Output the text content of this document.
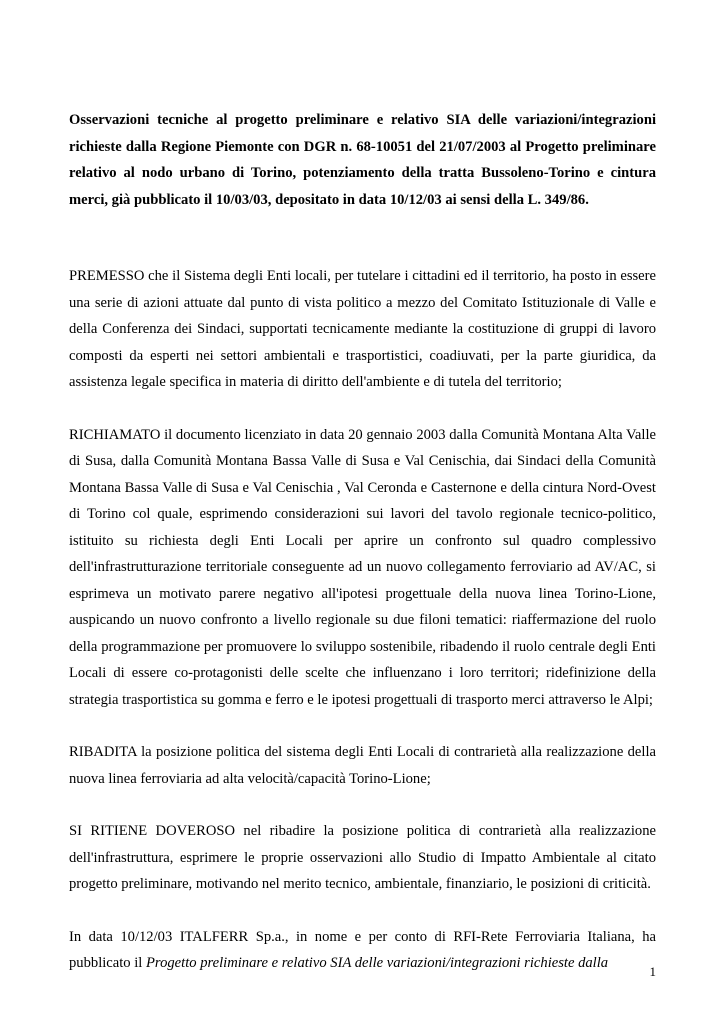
Osservazioni tecniche al progetto preliminare e relativo SIA delle variazioni/integrazioni richieste dalla Regione Piemonte con DGR n. 68-10051 del 21/07/2003 al Progetto preliminare relativo al nodo urbano di Torino, potenziamento della tratta Bussoleno-Torino e cintura merci, già pubblicato il 10/03/03, depositato in data 10/12/03 ai sensi della L. 349/86.

PREMESSO che il Sistema degli Enti locali, per tutelare i cittadini ed il territorio, ha posto in essere una serie di azioni attuate dal punto di vista politico a mezzo del Comitato Istituzionale di Valle e della Conferenza dei Sindaci, supportati tecnicamente mediante la costituzione di gruppi di lavoro composti da esperti nei settori ambientali e trasportistici, coadiuvati, per la parte giuridica, da assistenza legale specifica in materia di diritto dell'ambiente e di tutela del territorio;

RICHIAMATO il documento licenziato in data 20 gennaio 2003 dalla Comunità Montana Alta Valle di Susa, dalla Comunità Montana Bassa Valle di Susa e Val Cenischia, dai Sindaci della Comunità Montana Bassa Valle di Susa e Val Cenischia , Val Ceronda e Casternone e della cintura Nord-Ovest di Torino col quale, esprimendo considerazioni sui lavori del tavolo regionale tecnico-politico, istituito su richiesta degli Enti Locali per aprire un confronto sul quadro complessivo dell'infrastrutturazione territoriale conseguente ad un nuovo collegamento ferroviario ad AV/AC, si esprimeva un motivato parere negativo all'ipotesi progettuale della nuova linea Torino-Lione, auspicando un nuovo confronto a livello regionale su due filoni tematici: riaffermazione del ruolo della programmazione per promuovere lo sviluppo sostenibile, ribadendo il ruolo centrale degli Enti Locali di essere co-protagonisti delle scelte che influenzano i loro territori; ridefinizione della strategia trasportistica su gomma e ferro e le ipotesi progettuali di trasporto merci attraverso le Alpi;

RIBADITA la posizione politica del sistema degli Enti Locali di contrarietà alla realizzazione della nuova linea ferroviaria ad alta velocità/capacità Torino-Lione;

SI RITIENE DOVEROSO nel ribadire la posizione politica di contrarietà alla realizzazione dell'infrastruttura, esprimere le proprie osservazioni allo Studio di Impatto Ambientale al citato progetto preliminare, motivando nel merito tecnico, ambientale, finanziario, le posizioni di criticità.

In data 10/12/03 ITALFERR Sp.a., in nome e per conto di RFI-Rete Ferroviaria Italiana, ha pubblicato il Progetto preliminare e relativo SIA delle variazioni/integrazioni richieste dalla

1
